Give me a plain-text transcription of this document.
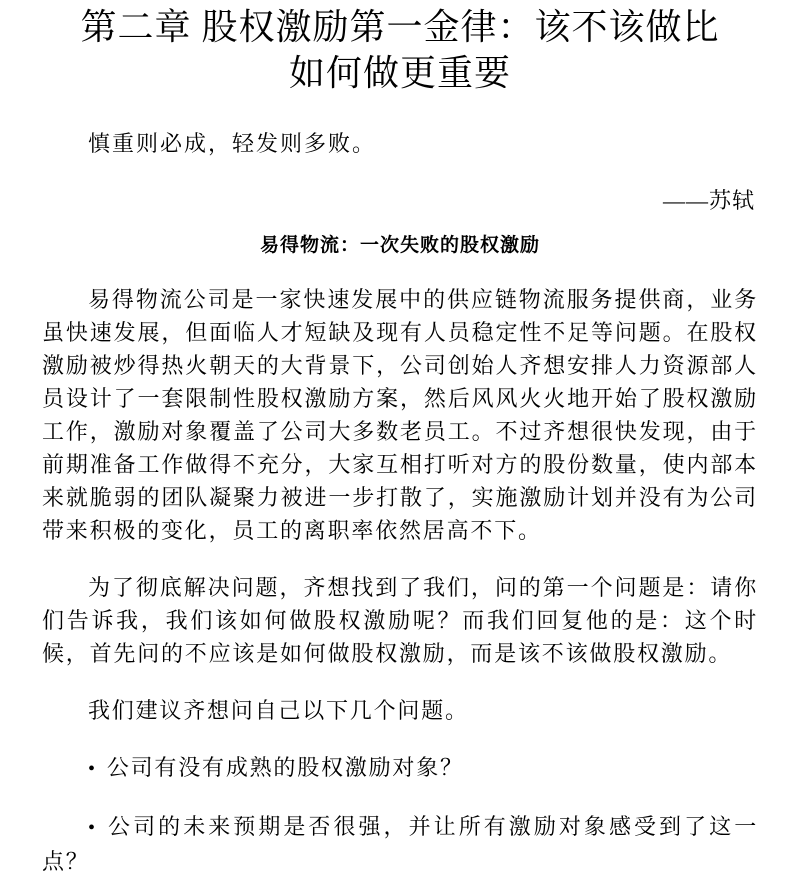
第二章 股权激励第一金律：该不该做比如何做更重要

慎重则必成，轻发则多败。

——苏轼

易得物流：一次失败的股权激励

易得物流公司是一家快速发展中的供应链物流服务提供商，业务虽快速发展，但面临人才短缺及现有人员稳定性不足等问题。在股权激励被炒得热火朝天的大背景下，公司创始人齐想安排人力资源部人员设计了一套限制性股权激励方案，然后风风火火地开始了股权激励工作，激励对象覆盖了公司大多数老员工。不过齐想很快发现，由于前期准备工作做得不充分，大家互相打听对方的股份数量，使内部本来就脆弱的团队凝聚力被进一步打散了，实施激励计划并没有为公司带来积极的变化，员工的离职率依然居高不下。

为了彻底解决问题，齐想找到了我们，问的第一个问题是：请你们告诉我，我们该如何做股权激励呢？而我们回复他的是：这个时候，首先问的不应该是如何做股权激励，而是该不该做股权激励。

我们建议齐想问自己以下几个问题。

• 公司有没有成熟的股权激励对象？

• 公司的未来预期是否很强，并让所有激励对象感受到了这一点？
